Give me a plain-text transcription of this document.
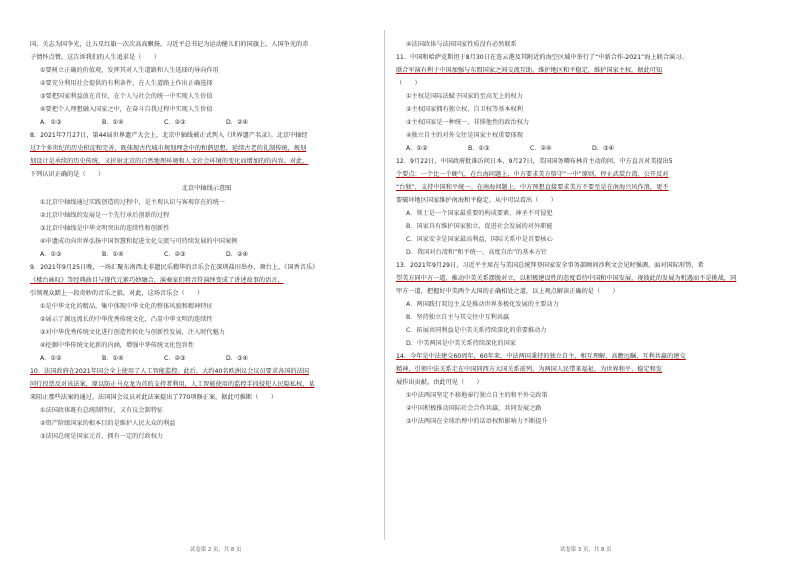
国、关志为国争光，让五星红旗一次次高高飘扬。习近平总书记为运动健儿们的国旗上、人国争光的赤

子情怀点赞。这告诉我们的人生追求是（　　）

①要树立正确的价值观，发挥其对人生道路和人生选择的导向作用

②要充分利用社会提供的有利条件，在人生道路上作出正确选择

③要把国家利益放在首位，在个人与社会的统一中实现人生价值

④要把个人理想融入国家之中，在奋斗自我过程中实现人生价值

A．①③	B．①④	C．②③	D．②④

8．2021年7月27日，第44届世界遗产大会上，北京中轴线被正式列入《世界遗产名录》。北京中轴经

过7个多世纪的历史积淀和完善，既体现古代城市规划理念中的和谐思想，延续古老的礼制传统，规划

划设计是承续的历史传统，又折射北京的自然地理环境和人文社会环境的变化而增加的的内容。对此，

下列认识正确的是（　　）

北京中轴线示意图

①北京中轴线通过实践创造的过程中，是主观认识与客观存在的统一

②北京中轴线的发展是一个先行承后创新的过程

③北京中轴线是中华文明突出的连续性和创新性

④申遗成功向世界弘扬中国智慧和促进文化交流与可持续发展的中国案例

A．①③	B．①④	C．②③	D．②④

9．2021年9月25日晚，一场汇聚东南西北非遗民乐精华的音乐会在深圳盐田举办，舞台上，《国香音乐》

《楼台咏叹》等经典曲目与现代元素巧妙融合，演奏家们将音符演绎变成了讲述故事的语言，

引领观众踏上一段奇妙的音乐之旅。对此，这场音乐会（　　）

①是中华文化的精品，集中体现中华文化的整体风貌和精神特征

②展示了源远流长的中华优秀传统文化，凸显中华文明的连续性

③对中华优秀传统文化进行创造性转化与创新性发展，注入时代魅力

④挖掘中华传统文化新的内涵，增强中华传统文化包容性

A．①②	B．①④	C．②③	D．③④

10．法国政府在2021年国会全上使用了人工智能监控。此后，大约40名欧洲议会议员要求各国的法国

同行投票反对该法案，原以防止马克龙为首的支持者利用，人工智能使用的监控手段侵犯人民隐私权，某

来阻止那些法案的通过。法国国会议员对此法案提出了770项修正案。据此可推断（　　）

①法国政体既有总统制特征，又有议会制特征

②资产阶级国家的根本目的是维护人民大众的利益

③法国总统是国家元首，拥有一定的行政权力

④法国政体与法国国家性质没有必然联系

11．中国和哈萨克斯坦于8月30日在连云港及其附近的海空区域中举行了“中新合作-2021”海上联合演习。

联合军演有利于中国加强与东盟国家之间交流互助，维护地区和平稳定，维护国家主权。据此可知

（　　）

①主权是国际法赋予国家的至高无上的权力

②主权国家拥有独立权，自卫权等基本权利

③主权国家是一种统一、非排他性的政治权力

④独立自主的对外交往是国家主权重要体现

A．①②	B．①③	C．②④	D．③④

12．9月22日，中国政府批准访问日本，9月27日，美国国务卿布林肯主动的问，中方直言对美提出5

个要点：一个比一个硬气，在台海问题上，中方要求美方恪守“一中”原则，停止武装台湾，公开反对

“台独”，支持中国和平统一。在南海问题上，中方预想直接要求美方不要至是在南海兴风作浪，更不

要破坏地区国家维护南海和平稳定。从中可以看出（　　）

A．领土是一个国家最重要的构成要素，神圣不可侵犯

B．国家具有维护国家独立、促进社会发展的对外职能

C．国家安全是国家最高利益，国际关系中是首要核心

D．我国对台湾和“和平统一、高度自治”的基本方针

13．2021年9月29日，习近平主席在与美国总统拜登国家安全事务部顾问沙利文会见时强调，面对国际形势，希

望美方同中方一道，推动中美关系摆脱对立，以积极建设性的态度看待中国和中国发展，视彼此的发展为机遇而不是挑战，同

甲方一道，把握好中美两个大国的正确相处之道，以上观点解读正确的是（　　）

A．两国践行双边主义是推动世界多极化发展的主要动力

B．坚持独立自主与其交往中互利共赢

C．拓展共同利益是中美关系持续深化的重要推动力

D．中美两国是中美关系持续深化的国家

14．今年是中法建交60周年，60年来，中法两国秉持的独立自主、相互理解、高瞻远瞩、互利共赢的建交

精神，引领中法关系走在中国同西方大国关系前列，为两国人民带来福祉，为世界和平、稳定和发

展作出贡献。由此可见（　　）

①中法两国坚定不移地奉行独立自主的和平外交政策

②中国积极推动国际社会合作共赢、共同发展之路

③中法两国在全球治理中的话语权和影响力不断提升

试卷第 2 页，共 8 页	试卷第 3 页，共 8 页
